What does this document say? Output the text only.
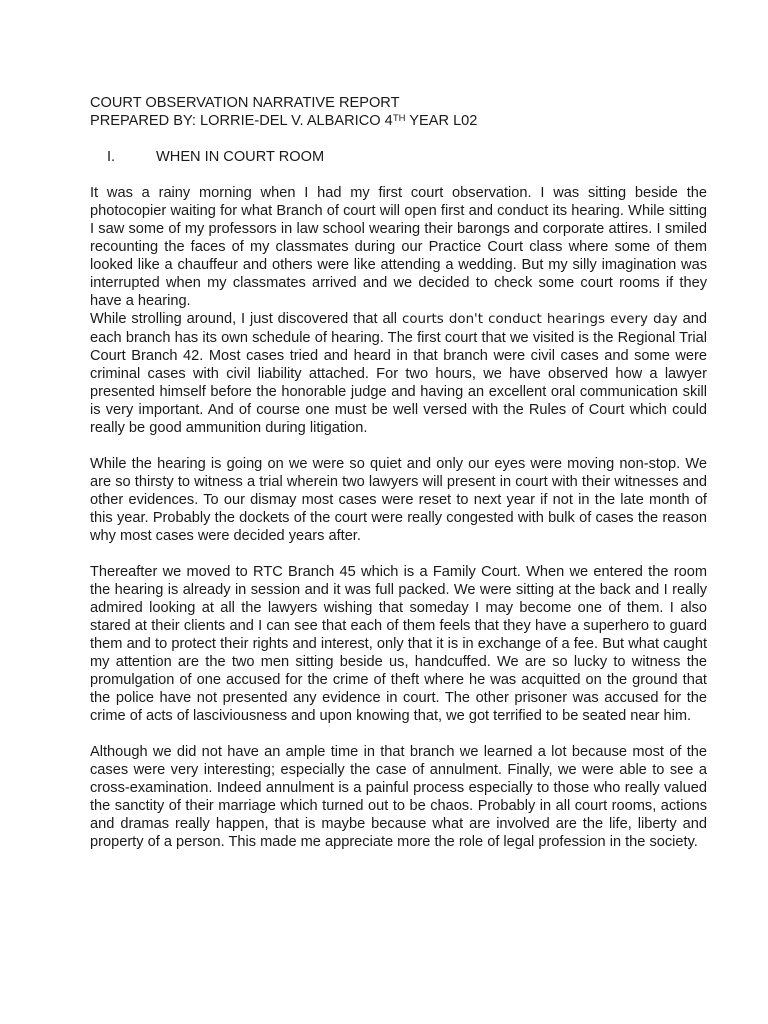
COURT OBSERVATION NARRATIVE REPORT

PREPARED BY: LORRIE-DEL V. ALBARICO 4TH YEAR L02

I.	WHEN IN COURT ROOM

It was a rainy morning when I had my first court observation. I was sitting beside the photocopier waiting for what Branch of court will open first and conduct its hearing. While sitting I saw some of my professors in law school wearing their barongs and corporate attires. I smiled recounting the faces of my classmates during our Practice Court class where some of them looked like a chauffeur and others were like attending a wedding. But my silly imagination was interrupted when my classmates arrived and we decided to check some court rooms if they have a hearing.

While strolling around, I just discovered that all courts don't conduct hearings every day and each branch has its own schedule of hearing. The first court that we visited is the Regional Trial Court Branch 42. Most cases tried and heard in that branch were civil cases and some were criminal cases with civil liability attached. For two hours, we have observed how a lawyer presented himself before the honorable judge and having an excellent oral communication skill is very important. And of course one must be well versed with the Rules of Court which could really be good ammunition during litigation.

While the hearing is going on we were so quiet and only our eyes were moving non-stop. We are so thirsty to witness a trial wherein two lawyers will present in court with their witnesses and other evidences. To our dismay most cases were reset to next year if not in the late month of this year. Probably the dockets of the court were really congested with bulk of cases the reason why most cases were decided years after.

Thereafter we moved to RTC Branch 45 which is a Family Court. When we entered the room the hearing is already in session and it was full packed. We were sitting at the back and I really admired looking at all the lawyers wishing that someday I may become one of them. I also stared at their clients and I can see that each of them feels that they have a superhero to guard them and to protect their rights and interest, only that it is in exchange of a fee. But what caught my attention are the two men sitting beside us, handcuffed. We are so lucky to witness the promulgation of one accused for the crime of theft where he was acquitted on the ground that the police have not presented any evidence in court. The other prisoner was accused for the crime of acts of lasciviousness and upon knowing that, we got terrified to be seated near him.

Although we did not have an ample time in that branch we learned a lot because most of the cases were very interesting; especially the case of annulment. Finally, we were able to see a cross-examination. Indeed annulment is a painful process especially to those who really valued the sanctity of their marriage which turned out to be chaos. Probably in all court rooms, actions and dramas really happen, that is maybe because what are involved are the life, liberty and property of a person. This made me appreciate more the role of legal profession in the society.
